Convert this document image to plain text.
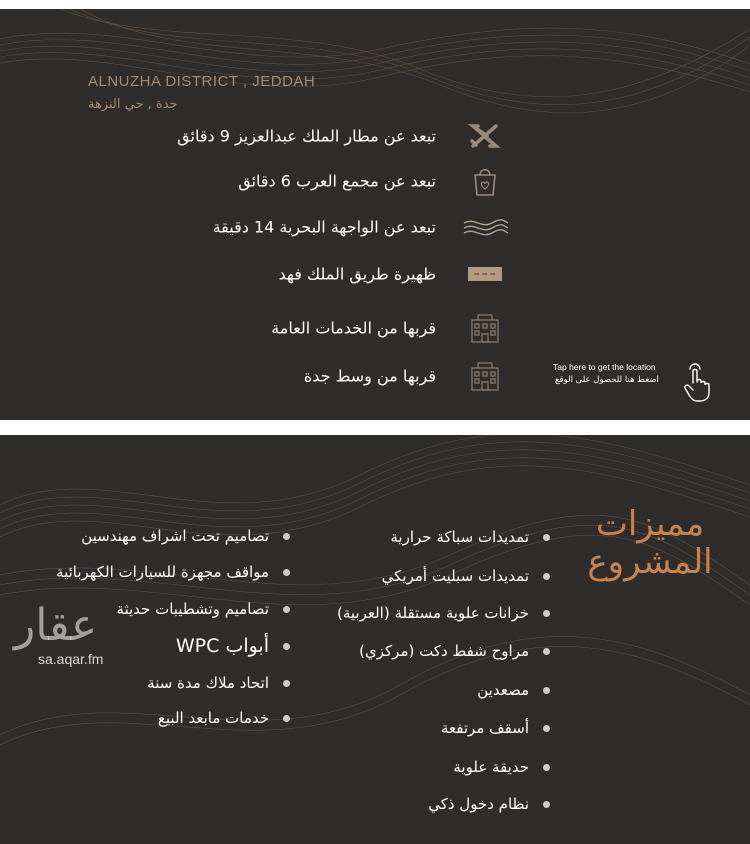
ALNUZHA DISTRICT , JEDDAH
جدة , حي النزهة
تبعد عن مطار الملك عبدالعزيز 9 دقائق
تبعد عن مجمع العرب 6 دقائق
تبعد عن الواجهة البحرية 14 دقيقة
ظهيرة طريق الملك فهد
قربها من الخدمات العامة
قربها من وسط جدة	Tap here to get the location
اضغط هنا للحصول على الوقع
مميزات
المشروع
تمديدات سباكة حرارية
تمديدات سبليت أمريكي
خزانات علوية مستقلة (العربية)
مراوح شفط دكت (مركزي)
مصعدين
أسقف مرتفعة
حديقة علوية
نظام دخول ذكي
تصاميم تحت اشراف مهندسين
مواقف مجهزة للسيارات الكهربائية
تصاميم وتشطيبات حديثة
أبواب WPC
اتحاد ملاك مدة سنة
خدمات مابعد البيع
عقار
sa.aqar.fm
